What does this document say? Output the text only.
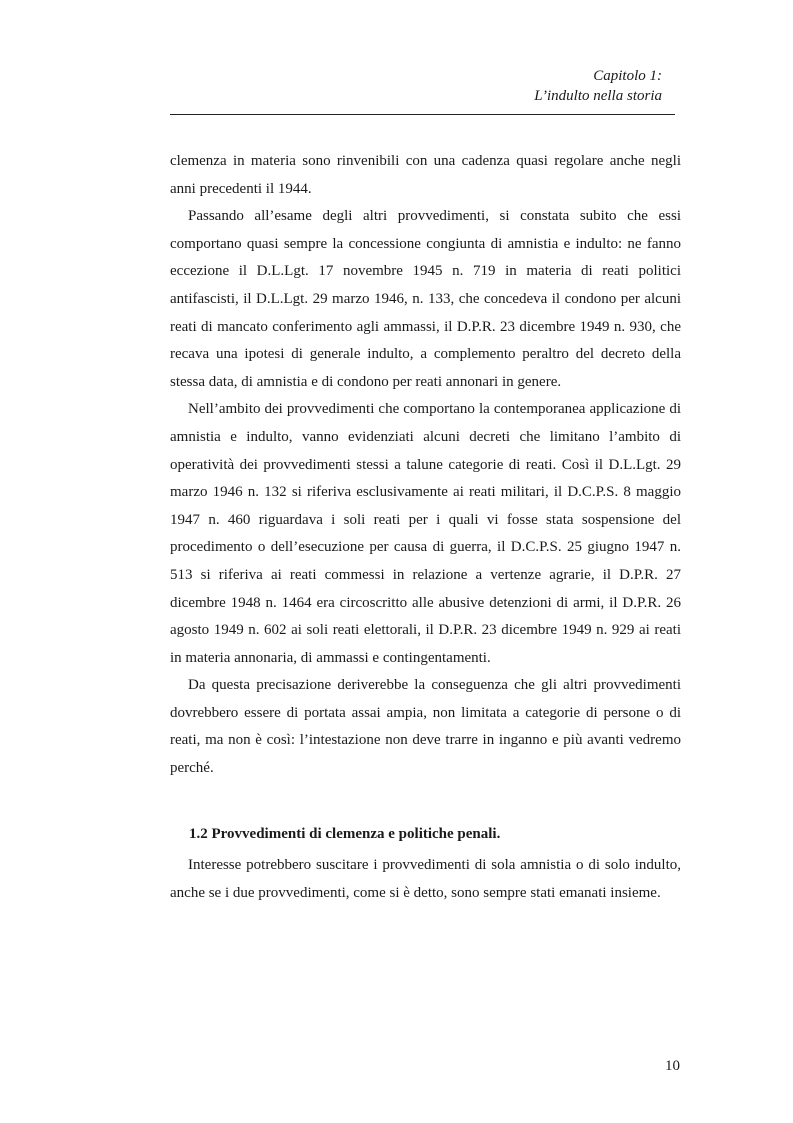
Capitolo 1:
L’indulto nella storia

clemenza in materia sono rinvenibili con una cadenza quasi regolare anche negli anni precedenti il 1944.

Passando all’esame degli altri provvedimenti, si constata subito che essi comportano quasi sempre la concessione congiunta di amnistia e indulto: ne fanno eccezione il D.L.Lgt. 17 novembre 1945 n. 719 in materia di reati politici antifascisti, il D.L.Lgt. 29 marzo 1946, n. 133, che concedeva il condono per alcuni reati di mancato conferimento agli ammassi, il D.P.R. 23 dicembre 1949 n. 930, che recava una ipotesi di generale indulto, a complemento peraltro del decreto della stessa data, di amnistia e di condono per reati annonari in genere.

Nell’ambito dei provvedimenti che comportano la contemporanea applicazione di amnistia e indulto, vanno evidenziati alcuni decreti che limitano l’ambito di operatività dei provvedimenti stessi a talune categorie di reati. Così il D.L.Lgt. 29 marzo 1946 n. 132 si riferiva esclusivamente ai reati militari, il D.C.P.S. 8 maggio 1947 n. 460 riguardava i soli reati per i quali vi fosse stata sospensione del procedimento o dell’esecuzione per causa di guerra, il D.C.P.S. 25 giugno 1947 n. 513 si riferiva ai reati commessi in relazione a vertenze agrarie, il D.P.R. 27 dicembre 1948 n. 1464 era circoscritto alle abusive detenzioni di armi, il D.P.R. 26 agosto 1949 n. 602 ai soli reati elettorali, il D.P.R. 23 dicembre 1949 n. 929 ai reati in materia annonaria, di ammassi e contingentamenti.

Da questa precisazione deriverebbe la conseguenza che gli altri provvedimenti dovrebbero essere di portata assai ampia, non limitata a categorie di persone o di reati, ma non è così: l’intestazione non deve trarre in inganno e più avanti vedremo perché.

1.2 Provvedimenti di clemenza e politiche penali.

Interesse potrebbero suscitare i provvedimenti di sola amnistia o di solo indulto, anche se i due provvedimenti, come si è detto, sono sempre stati emanati insieme.

10
